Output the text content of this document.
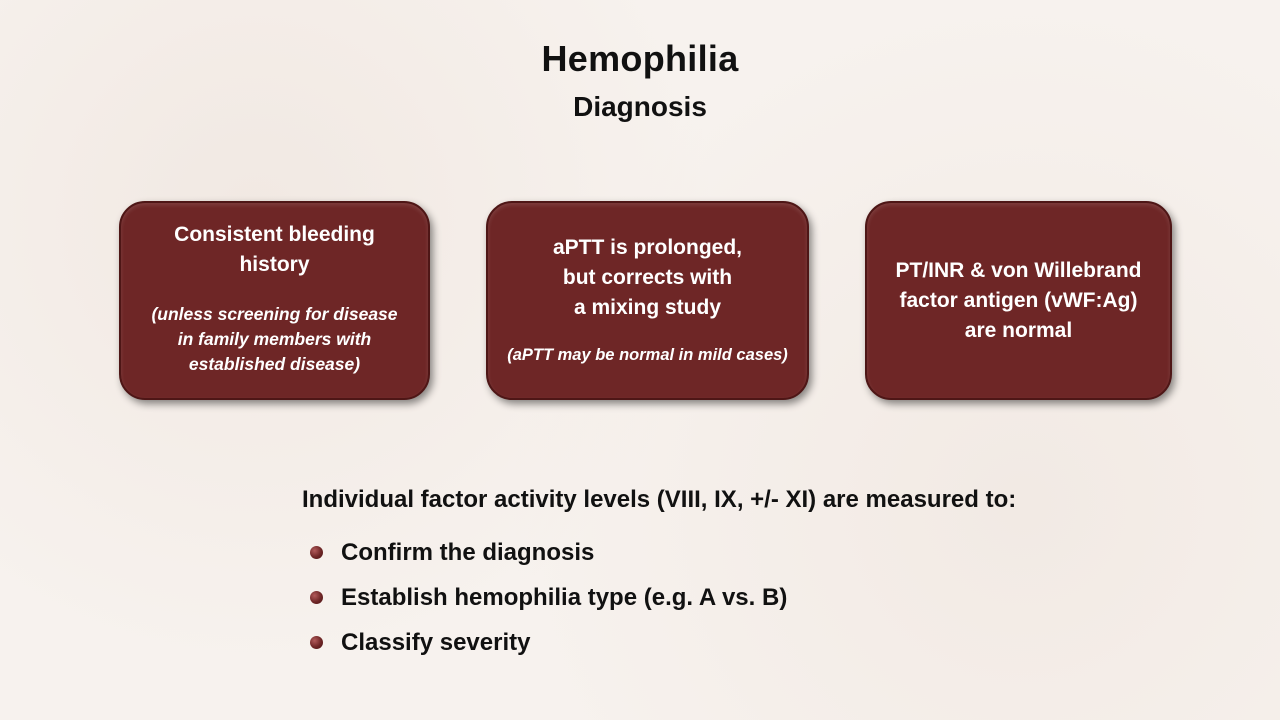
Hemophilia
Diagnosis
Consistent bleeding
history
(unless screening for disease
in family members with
established disease)
aPTT is prolonged,
but corrects with
a mixing study
(aPTT may be normal in mild cases)
PT/INR & von Willebrand
factor antigen (vWF:Ag)
are normal
Individual factor activity levels (VIII, IX, +/- XI) are measured to:
Confirm the diagnosis
Establish hemophilia type (e.g. A vs. B)
Classify severity
